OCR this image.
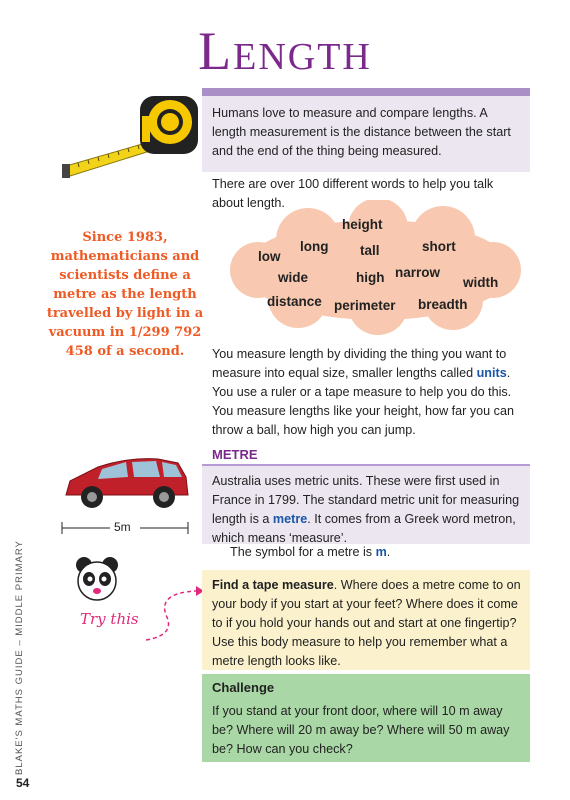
Length
Humans love to measure and compare lengths. A length measurement is the distance between the start and the end of the thing being measured.
There are over 100 different words to help you talk about length.
height
long tall	short
low
wide	high narrow
width
distance perimeter breadth
Since 1983, mathematicians and scientists define a metre as the length travelled by light in a vacuum in 1/299 792 458 of a second.	You measure length by dividing the thing you want to measure into equal size, smaller lengths called units. You use a ruler or a tape measure to help you do this. You measure lengths like your height, how far you can throw a ball, how high you can jump.
METRE
Australia uses metric units. These were first used in France in 1799. The standard metric unit for measuring length is a metre. It comes from a Greek word metron, which means ‘measure’.
5m
The symbol for a metre is m.
Try this
Find a tape measure. Where does a metre come to on your body if you start at your feet? Where does it come to if you hold your hands out and start at one fingertip? Use this body measure to help you remember what a metre length looks like.
Challenge
If you stand at your front door, where will 10 m away be? Where will 20 m away be? Where will 50 m away be? How can you check?
BLAKE'S MATHS GUIDE – MIDDLE PRIMARY
54
